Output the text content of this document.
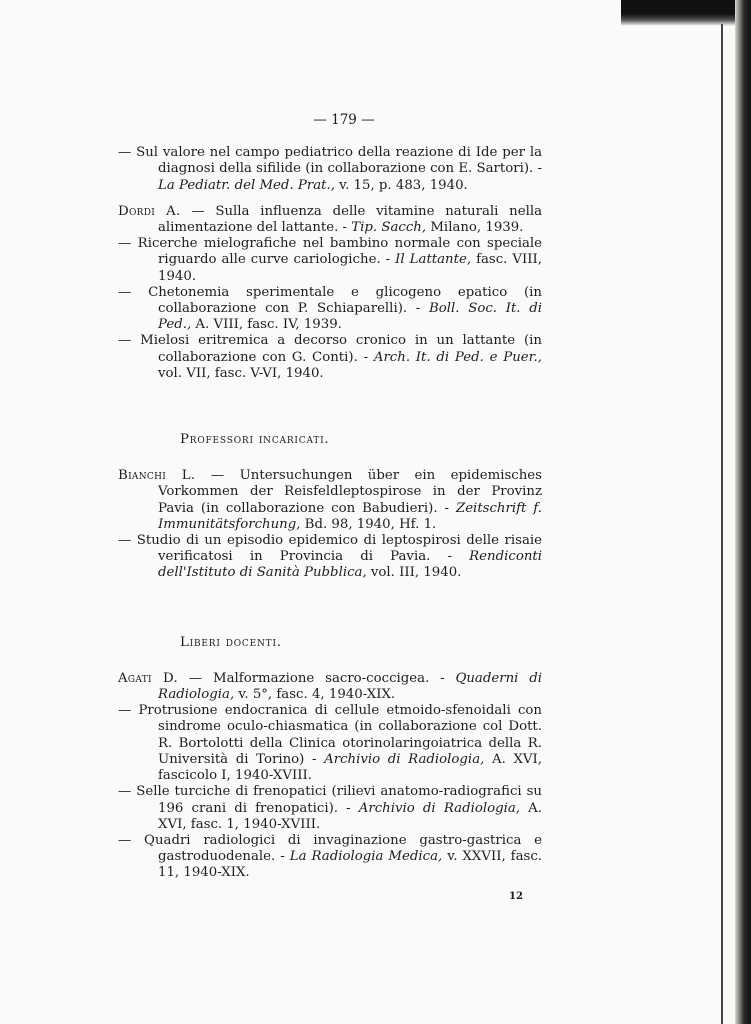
— 179 —
— Sul valore nel campo pediatrico della reazione di Ide per la diagnosi della sifilide (in collaborazione con E. Sartori). - La Pediatr. del Med. Prat., v. 15, p. 483, 1940.
Dordi A. — Sulla influenza delle vitamine naturali nella alimentazione del lattante. - Tip. Sacch, Milano, 1939.
— Ricerche mielografiche nel bambino normale con speciale riguardo alle curve cariologiche. - Il Lattante, fasc. VIII, 1940.
— Chetonemia sperimentale e glicogeno epatico (in collaborazione con P. Schiaparelli). - Boll. Soc. It. di Ped., A. VIII, fasc. IV, 1939.
— Mielosi eritremica a decorso cronico in un lattante (in collaborazione con G. Conti). - Arch. It. di Ped. e Puer., vol. VII, fasc. V-VI, 1940.
Professori incaricati.
Bianchi L. — Untersuchungen über ein epidemisches Vorkommen der Reisfeldleptospirose in der Provinz Pavia (in collaborazione con Babudieri). - Zeitschrift f. Immunitätsforchung, Bd. 98, 1940, Hf. 1.
— Studio di un episodio epidemico di leptospirosi delle risaie verificatosi in Provincia di Pavia. - Rendiconti dell'Istituto di Sanità Pubblica, vol. III, 1940.
Liberi docenti.
Agati D. — Malformazione sacro-coccigea. - Quaderni di Radiologia, v. 5°, fasc. 4, 1940-XIX.
— Protrusione endocranica di cellule etmoido-sfenoidali con sindrome oculo-chiasmatica (in collaborazione col Dott. R. Bortolotti della Clinica otorinolaringoiatrica della R. Università di Torino) - Archivio di Radiologia, A. XVI, fascicolo I, 1940-XVIII.
— Selle turciche di frenopatici (rilievi anatomo-radiografici su 196 crani di frenopatici). - Archivio di Radiologia, A. XVI, fasc. 1, 1940-XVIII.
— Quadri radiologici di invaginazione gastro-gastrica e gastroduodenale. - La Radiologia Medica, v. XXVII, fasc. 11, 1940-XIX.
12
